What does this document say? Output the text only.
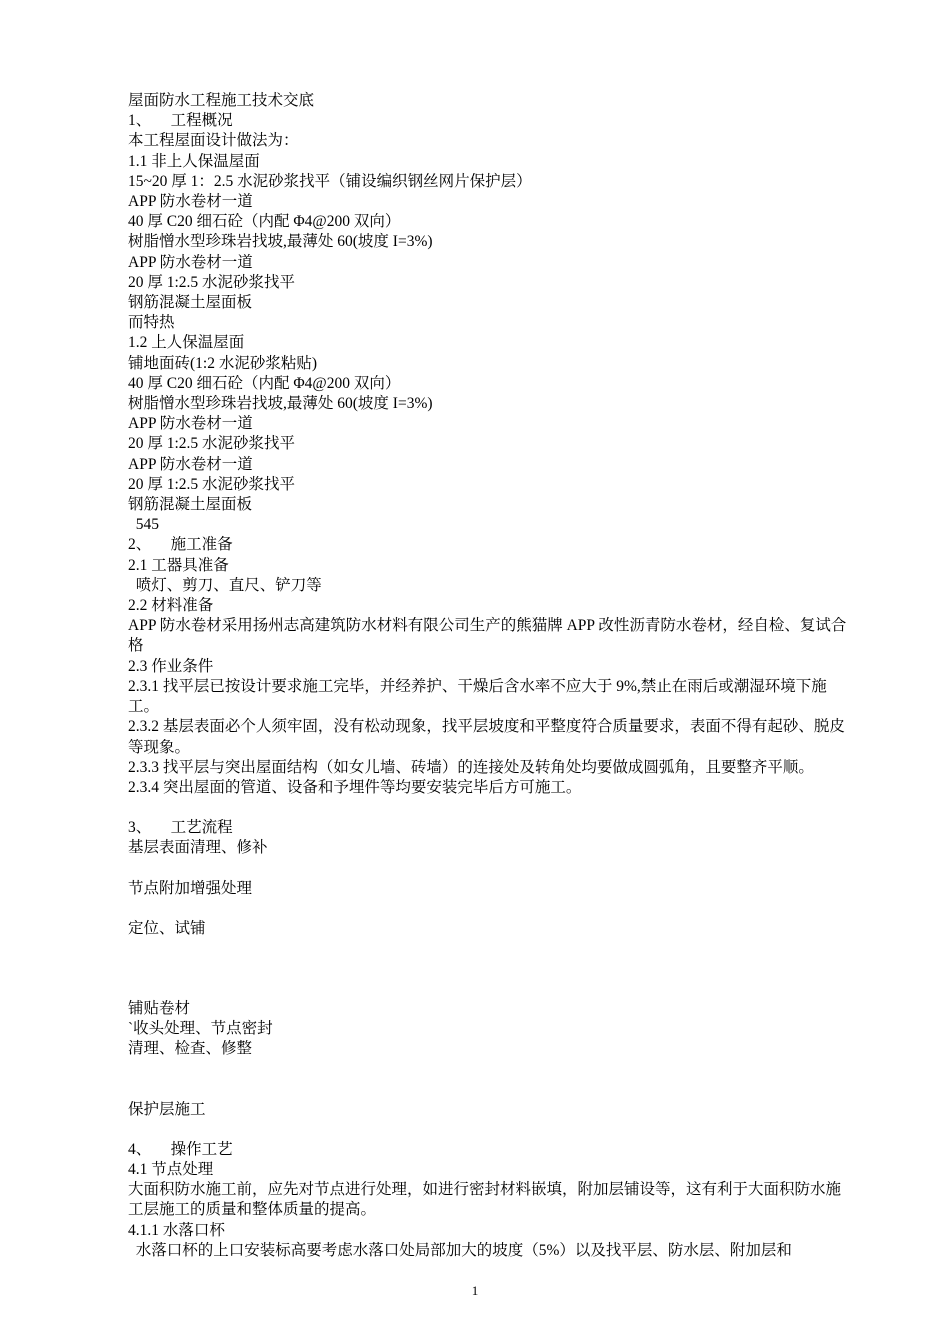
屋面防水工程施工技术交底

1、     工程概况

本工程屋面设计做法为：

1.1 非上人保温屋面

15~20 厚 1：2.5 水泥砂浆找平（铺设编织钢丝网片保护层）

APP 防水卷材一道

40 厚 C20 细石砼（内配 Φ4@200 双向）

树脂憎水型珍珠岩找坡,最薄处 60(坡度 I=3%)

APP 防水卷材一道

20 厚 1:2.5 水泥砂浆找平

钢筋混凝土屋面板

而特热

1.2 上人保温屋面

铺地面砖(1:2 水泥砂浆粘贴)

40 厚 C20 细石砼（内配 Φ4@200 双向）

树脂憎水型珍珠岩找坡,最薄处 60(坡度 I=3%)

APP 防水卷材一道

20 厚 1:2.5 水泥砂浆找平

APP 防水卷材一道

20 厚 1:2.5 水泥砂浆找平

钢筋混凝土屋面板

545

2、     施工准备

2.1 工器具准备

喷灯、剪刀、直尺、铲刀等

2.2 材料准备

APP 防水卷材采用扬州志高建筑防水材料有限公司生产的熊猫牌 APP 改性沥青防水卷材，经自检、复试合格

2.3 作业条件

2.3.1 找平层已按设计要求施工完毕，并经养护、干燥后含水率不应大于 9%,禁止在雨后或潮湿环境下施工。

2.3.2 基层表面必个人须牢固，没有松动现象，找平层坡度和平整度符合质量要求，表面不得有起砂、脱皮等现象。

2.3.3 找平层与突出屋面结构（如女儿墙、砖墙）的连接处及转角处均要做成圆弧角，且要整齐平顺。

2.3.4 突出屋面的管道、设备和予埋件等均要安装完毕后方可施工。

3、     工艺流程

基层表面清理、修补

节点附加增强处理

定位、试铺

铺贴卷材

`收头处理、节点密封

清理、检查、修整

保护层施工

4、     操作工艺

4.1 节点处理

大面积防水施工前，应先对节点进行处理，如进行密封材料嵌填，附加层铺设等，这有利于大面积防水施工层施工的质量和整体质量的提高。

4.1.1 水落口杯

水落口杯的上口安装标高要考虑水落口处局部加大的坡度（5%）以及找平层、防水层、附加层和

1
